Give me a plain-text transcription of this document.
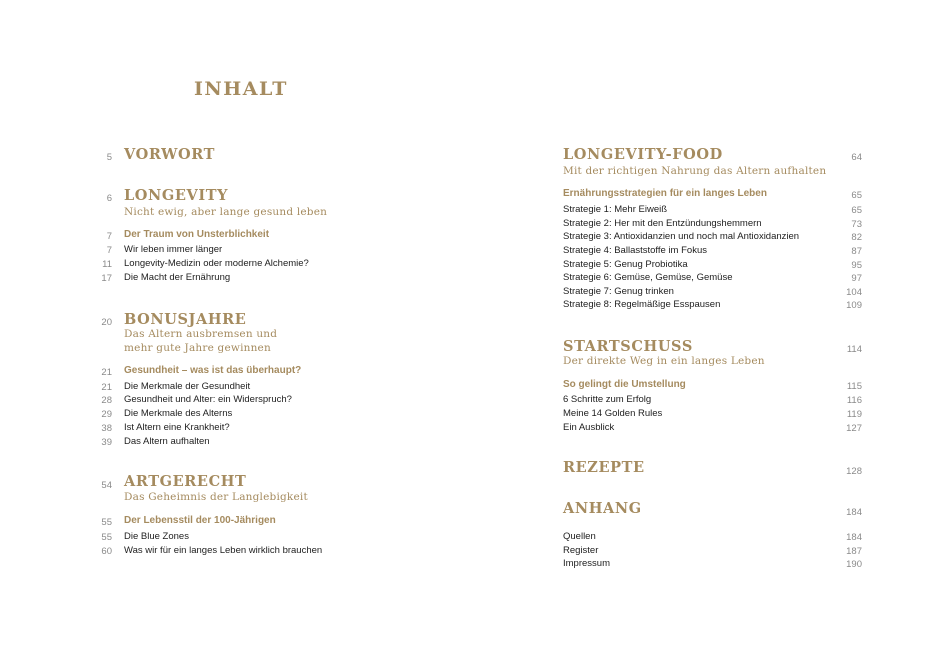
INHALT
5 VORWORT
6 LONGEVITY
Nicht ewig, aber lange gesund leben
7 Der Traum von Unsterblichkeit
7 Wir leben immer länger
11 Longevity-Medizin oder moderne Alchemie?
17 Die Macht der Ernährung
20 BONUSJAHRE
Das Altern ausbremsen und
mehr gute Jahre gewinnen
21 Gesundheit – was ist das überhaupt?
21 Die Merkmale der Gesundheit
28 Gesundheit und Alter: ein Widerspruch?
29 Die Merkmale des Alterns
38 Ist Altern eine Krankheit?
39 Das Altern aufhalten
54 ARTGERECHT
Das Geheimnis der Langlebigkeit
55 Der Lebensstil der 100-Jährigen
55 Die Blue Zones
60 Was wir für ein langes Leben wirklich brauchen
LONGEVITY-FOOD	64
Mit der richtigen Nahrung das Altern aufhalten
Ernährungsstrategien für ein langes Leben	65
Strategie 1: Mehr Eiweiß	65
Strategie 2: Her mit den Entzündungshemmern	73
Strategie 3: Antioxidanzien und noch mal Antioxidanzien	82
Strategie 4: Ballaststoffe im Fokus	87
Strategie 5: Genug Probiotika	95
Strategie 6: Gemüse, Gemüse, Gemüse	97
Strategie 7: Genug trinken	104
Strategie 8: Regelmäßige Esspausen	109
STARTSCHUSS	114
Der direkte Weg in ein langes Leben
So gelingt die Umstellung	115
6 Schritte zum Erfolg	116
Meine 14 Golden Rules	119
Ein Ausblick	127
REZEPTE	128
ANHANG	184
Quellen	184
Register	187
Impressum	190
